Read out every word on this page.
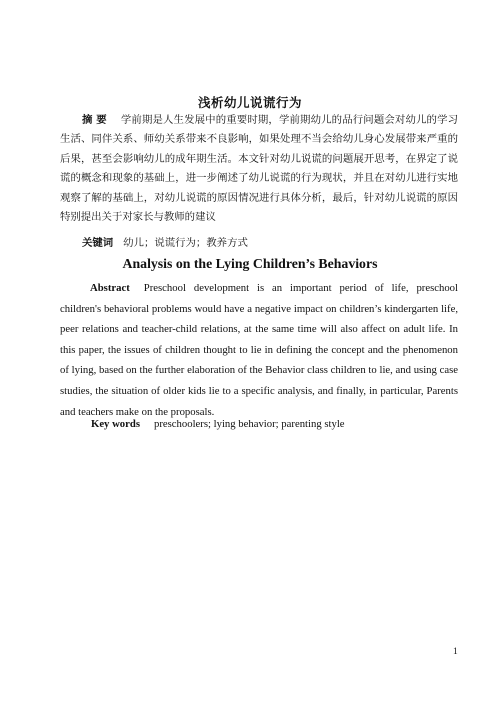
浅析幼儿说谎行为
摘 要 学前期是人生发展中的重要时期，学前期幼儿的品行问题会对幼儿的学习生活、同伴关系、师幼关系带来不良影响，如果处理不当会给幼儿身心发展带来严重的后果，甚至会影响幼儿的成年期生活。本文针对幼儿说谎的问题展开思考，在界定了说谎的概念和现象的基础上，进一步阐述了幼儿说谎的行为现状，并且在对幼儿进行实地观察了解的基础上，对幼儿说谎的原因情况进行具体分析，最后，针对幼儿说谎的原因特别提出关于对家长与教师的建议
关键词 幼儿；说谎行为；教养方式
Analysis on the Lying Children’s Behaviors
Abstract Preschool development is an important period of life, preschool children's behavioral problems would have a negative impact on children’s kindergarten life, peer relations and teacher-child relations, at the same time will also affect on adult life. In this paper, the issues of children thought to lie in defining the concept and the phenomenon of lying, based on the further elaboration of the Behavior class children to lie, and using case studies, the situation of older kids lie to a specific analysis, and finally, in particular, Parents and teachers make on the proposals.
Key words preschoolers; lying behavior; parenting style
1
